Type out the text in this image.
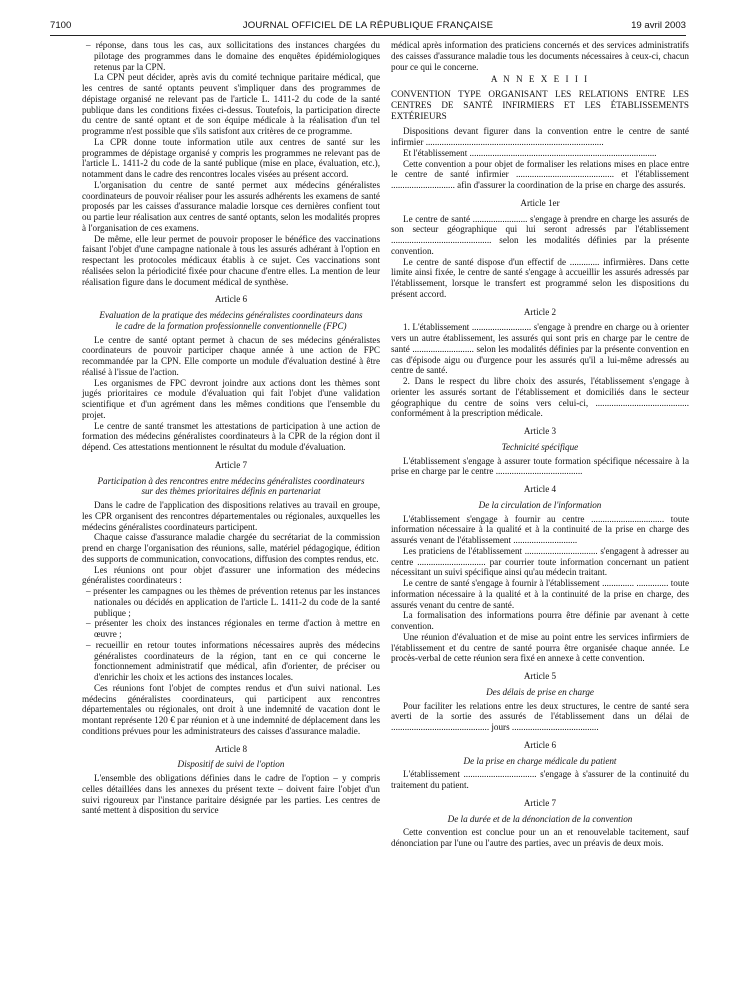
7100	JOURNAL OFFICIEL DE LA RÉPUBLIQUE FRANÇAISE	19 avril 2003

– réponse, dans tous les cas, aux sollicitations des instances chargées du pilotage des programmes dans le domaine des enquêtes épidémiologiques retenus par la CPN.

La CPN peut décider, après avis du comité technique paritaire médical, que les centres de santé optants peuvent s'impliquer dans des programmes de dépistage organisé ne relevant pas de l'article L. 1411-2 du code de la santé publique dans les conditions fixées ci-dessus. Toutefois, la participation directe du centre de santé optant et de son équipe médicale à la réalisation d'un tel programme n'est possible que s'ils satisfont aux critères de ce programme.

La CPR donne toute information utile aux centres de santé sur les programmes de dépistage organisé y compris les programmes ne relevant pas de l'article L. 1411-2 du code de la santé publique (mise en place, évaluation, etc.), notamment dans le cadre des rencontres locales visées au présent accord.

L'organisation du centre de santé permet aux médecins généralistes coordinateurs de pouvoir réaliser pour les assurés adhérents les examens de santé proposés par les caisses d'assurance maladie lorsque ces dernières confient tout ou partie leur réalisation aux centres de santé optants, selon les modalités propres à l'organisation de ces examens.

De même, elle leur permet de pouvoir proposer le bénéfice des vaccinations faisant l'objet d'une campagne nationale à tous les assurés adhérant à l'option en respectant les protocoles médicaux établis à ce sujet. Ces vaccinations sont réalisées selon la périodicité fixée pour chacune d'entre elles. La mention de leur réalisation figure dans le document médical de synthèse.

Article 6
Evaluation de la pratique des médecins généralistes coordinateurs dans le cadre de la formation professionnelle conventionnelle (FPC)

Le centre de santé optant permet à chacun de ses médecins généralistes coordinateurs de pouvoir participer chaque année à une action de FPC recommandée par la CPN. Elle comporte un module d'évaluation destiné à être réalisé à l'issue de l'action.

Les organismes de FPC devront joindre aux actions dont les thèmes sont jugés prioritaires ce module d'évaluation qui fait l'objet d'une validation scientifique et d'un agrément dans les mêmes conditions que l'ensemble du projet.

Le centre de santé transmet les attestations de participation à une action de formation des médecins généralistes coordinateurs à la CPR de la région dont il dépend. Ces attestations mentionnent le résultat du module d'évaluation.

Article 7
Participation à des rencontres entre médecins généralistes coordinateurs sur des thèmes prioritaires définis en partenariat

Dans le cadre de l'application des dispositions relatives au travail en groupe, les CPR organisent des rencontres départementales ou régionales, auxquelles les médecins généralistes coordinateurs participent.

Chaque caisse d'assurance maladie chargée du secrétariat de la commission prend en charge l'organisation des réunions, salle, matériel pédagogique, édition des supports de communication, convocations, diffusion des comptes rendus, etc.

Les réunions ont pour objet d'assurer une information des médecins généralistes coordinateurs :

– présenter les campagnes ou les thèmes de prévention retenus par les instances nationales ou décidés en application de l'article L. 1411-2 du code de la santé publique ;

– présenter les choix des instances régionales en terme d'action à mettre en œuvre ;

– recueillir en retour toutes informations nécessaires auprès des médecins généralistes coordinateurs de la région, tant en ce qui concerne le fonctionnement administratif que médical, afin d'orienter, de préciser ou d'enrichir les choix et les actions des instances locales.

Ces réunions font l'objet de comptes rendus et d'un suivi national. Les médecins généralistes coordinateurs, qui participent aux rencontres départementales ou régionales, ont droit à une indemnité de vacation dont le montant représente 120 € par réunion et à une indemnité de déplacement dans les conditions prévues pour les administrateurs des caisses d'assurance maladie.

Article 8
Dispositif de suivi de l'option

L'ensemble des obligations définies dans le cadre de l'option – y compris celles détaillées dans les annexes du présent texte – doivent faire l'objet d'un suivi rigoureux par l'instance paritaire désignée par les parties. Les centres de santé mettent à disposition du service

médical après information des praticiens concernés et des services administratifs des caisses d'assurance maladie tous les documents nécessaires à ceux-ci, chacun pour ce qui le concerne.

A N N E X E I I I

CONVENTION TYPE ORGANISANT LES RELATIONS ENTRE LES CENTRES DE SANTÉ INFIRMIERS ET LES ÉTABLISSEMENTS EXTÉRIEURS

Dispositions devant figurer dans la convention entre le centre de santé infirmier ..............................................................................

Et l'établissement ..................................................................................

Cette convention a pour objet de formaliser les relations mises en place entre le centre de santé infirmier ........................................... et l'établissement ............................ afin d'assurer la coordination de la prise en charge des assurés.

Article 1er

Le centre de santé ........................ s'engage à prendre en charge les assurés de son secteur géographique qui lui seront adressés par l'établissement ............................................ selon les modalités définies par la présente convention.

Le centre de santé dispose d'un effectif de ............. infirmières. Dans cette limite ainsi fixée, le centre de santé s'engage à accueillir les assurés adressés par l'établissement, lorsque le transfert est programmé selon les dispositions du présent accord.

Article 2

1. L'établissement .......................... s'engage à prendre en charge ou à orienter vers un autre établissement, les assurés qui sont pris en charge par le centre de santé ........................... selon les modalités définies par la présente convention en cas d'épisode aigu ou d'urgence pour les assurés qu'il a lui-même adressés au centre de santé.

2. Dans le respect du libre choix des assurés, l'établissement s'engage à orienter les assurés sortant de l'établissement et domiciliés dans le secteur géographique du centre de soins vers celui-ci, ......................................... conformément à la prescription médicale.

Article 3
Technicité spécifique

L'établissement s'engage à assurer toute formation spécifique nécessaire à la prise en charge par le centre ......................................

Article 4
De la circulation de l'information

L'établissement s'engage à fournir au centre ................................ toute information nécessaire à la qualité et à la continuité de la prise en charge des assurés venant de l'établissement ............................

Les praticiens de l'établissement ................................ s'engagent à adresser au centre .............................. par courrier toute information concernant un patient nécessitant un suivi spécifique ainsi qu'au médecin traitant.

Le centre de santé s'engage à fournir à l'établissement .............. .............. toute information nécessaire à la qualité et à la continuité de la prise en charge, des assurés venant du centre de santé.

La formalisation des informations pourra être définie par avenant à cette convention.

Une réunion d'évaluation et de mise au point entre les services infirmiers de l'établissement et du centre de santé pourra être organisée chaque année. Le procès-verbal de cette réunion sera fixé en annexe à cette convention.

Article 5
Des délais de prise en charge

Pour faciliter les relations entre les deux structures, le centre de santé sera averti de la sortie des assurés de l'établissement dans un délai de ........................................... jours ......................................

Article 6
De la prise en charge médicale du patient

L'établissement ................................ s'engage à s'assurer de la continuité du traitement du patient.

Article 7
De la durée et de la dénonciation de la convention

Cette convention est conclue pour un an et renouvelable tacitement, sauf dénonciation par l'une ou l'autre des parties, avec un préavis de deux mois.
